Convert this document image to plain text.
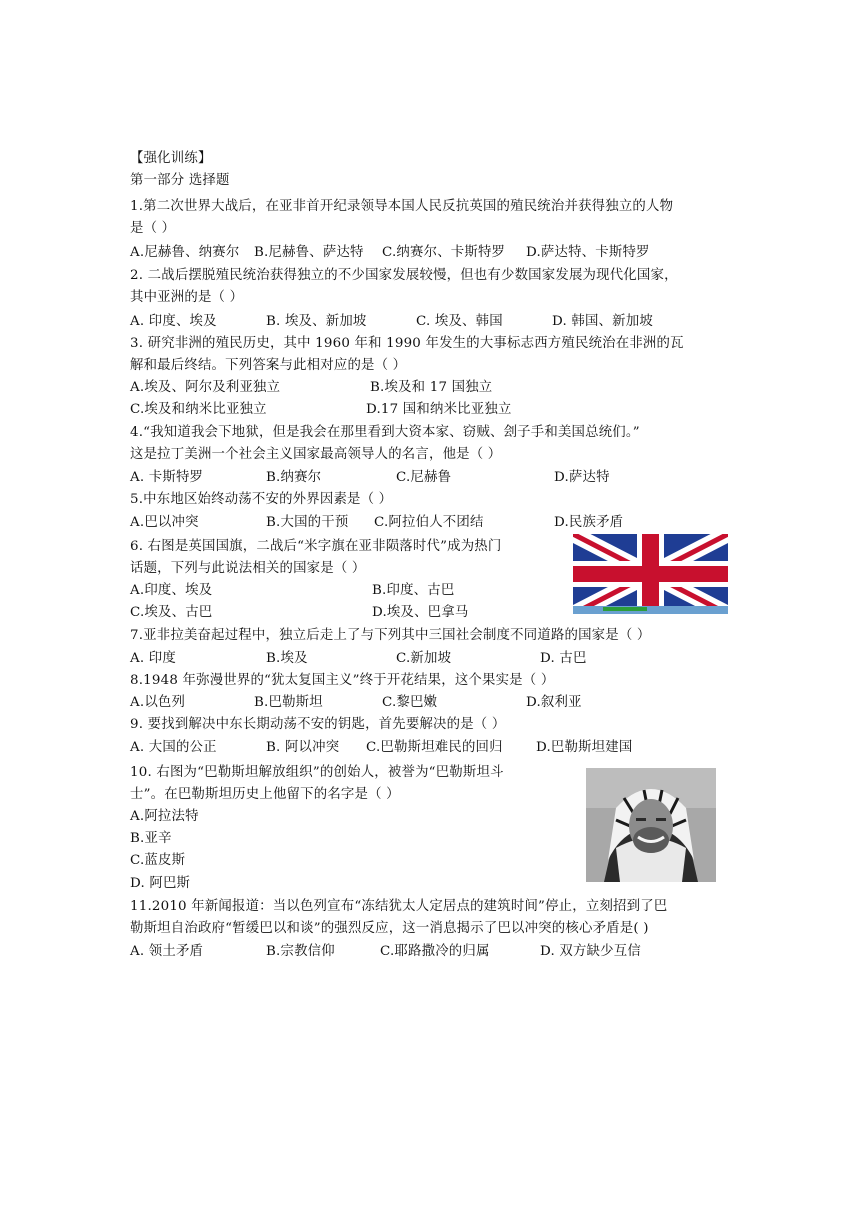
【强化训练】
第一部分 选择题
1.第二次世界大战后，在亚非首开纪录领导本国人民反抗英国的殖民统治并获得独立的人物
是（ ）
A.尼赫鲁、纳赛尔 B.尼赫鲁、萨达特 C.纳赛尔、卡斯特罗 D.萨达特、卡斯特罗
2. 二战后摆脱殖民统治获得独立的不少国家发展较慢，但也有少数国家发展为现代化国家，
其中亚洲的是（ ）
A. 印度、埃及	B. 埃及、新加坡	C. 埃及、韩国	D. 韩国、新加坡
3. 研究非洲的殖民历史，其中 1960 年和 1990 年发生的大事标志西方殖民统治在非洲的瓦
解和最后终结。下列答案与此相对应的是（ ）
A.埃及、阿尔及利亚独立	B.埃及和 17 国独立
C.埃及和纳米比亚独立	D.17 国和纳米比亚独立
4.“我知道我会下地狱，但是我会在那里看到大资本家、窃贼、刽子手和美国总统们。”
这是拉丁美洲一个社会主义国家最高领导人的名言，他是（ ）
A. 卡斯特罗	B.纳赛尔	C.尼赫鲁	D.萨达特
5.中东地区始终动荡不安的外界因素是（ ）
A.巴以冲突	B.大国的干预 C.阿拉伯人不团结	D.民族矛盾
6. 右图是英国国旗，二战后“米字旗在亚非陨落时代”成为热门
话题，下列与此说法相关的国家是（ ）
A.印度、埃及	B.印度、古巴
C.埃及、古巴	D.埃及、巴拿马
7.亚非拉美奋起过程中，独立后走上了与下列其中三国社会制度不同道路的国家是（ ）
A. 印度	B.埃及	C.新加坡	D. 古巴
8.1948 年弥漫世界的“犹太复国主义”终于开花结果，这个果实是（ ）
A.以色列	B.巴勒斯坦	C.黎巴嫩	D.叙利亚
9. 要找到解决中东长期动荡不安的钥匙，首先要解决的是（ ）
A. 大国的公正	B. 阿以冲突 C.巴勒斯坦难民的回归 D.巴勒斯坦建国
10. 右图为“巴勒斯坦解放组织”的创始人，被誉为“巴勒斯坦斗
士”。在巴勒斯坦历史上他留下的名字是（ ）
A.阿拉法特
B.亚辛
C.蓝皮斯
D. 阿巴斯
11.2010 年新闻报道：当以色列宣布“冻结犹太人定居点的建筑时间”停止，立刻招到了巴
勒斯坦自治政府“暂缓巴以和谈”的强烈反应，这一消息揭示了巴以冲突的核心矛盾是( )
A. 领土矛盾	B.宗教信仰	C.耶路撒冷的归属	D. 双方缺少互信
